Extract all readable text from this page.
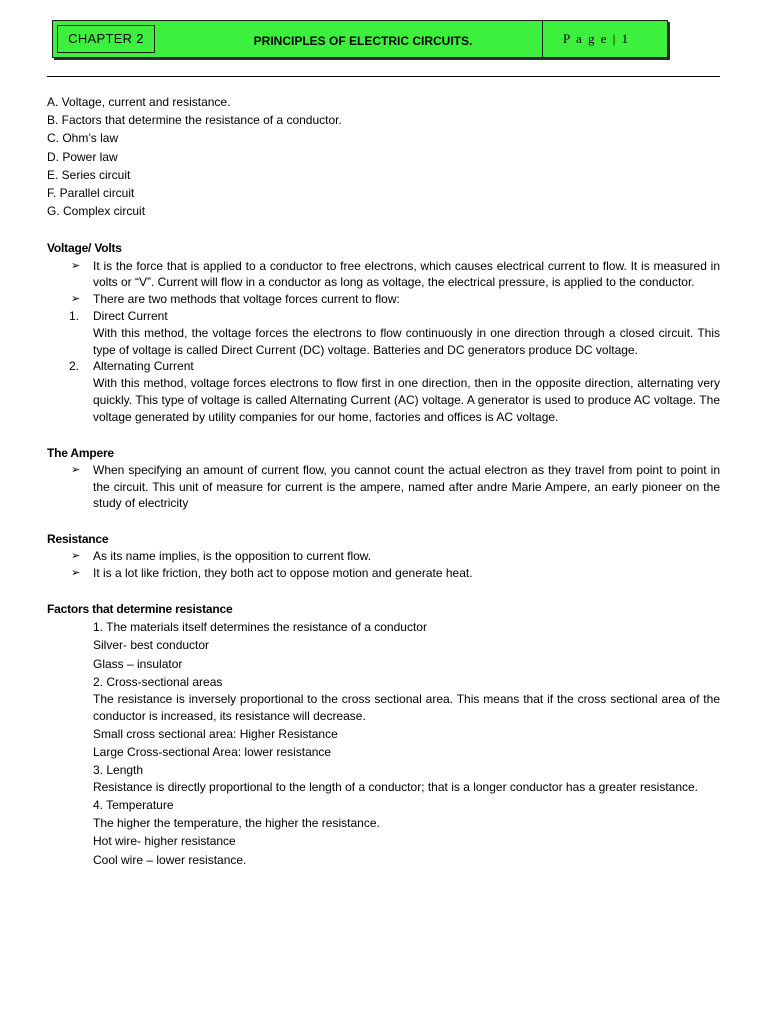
CHAPTER 2	PRINCIPLES OF ELECTRIC CIRCUITS.	P a g e | 1

A. Voltage, current and resistance.

B. Factors that determine the resistance of a conductor.

C. Ohm’s law

D. Power law

E. Series circuit

F. Parallel circuit

G. Complex circuit

Voltage/ Volts

➢ It is the force that is applied to a conductor to free electrons, which causes electrical current to flow. It is measured in volts or “V”. Current will flow in a conductor as long as voltage, the electrical pressure, is applied to the conductor.

➢ There are two methods that voltage forces current to flow:

1. Direct Current

With this method, the voltage forces the electrons to flow continuously in one direction through a closed circuit. This type of voltage is called Direct Current (DC) voltage. Batteries and DC generators produce DC voltage.

2. Alternating Current

With this method, voltage forces electrons to flow first in one direction, then in the opposite direction, alternating very quickly. This type of voltage is called Alternating Current (AC) voltage. A generator is used to produce AC voltage. The voltage generated by utility companies for our home, factories and offices is AC voltage.

The Ampere

➢ When specifying an amount of current flow, you cannot count the actual electron as they travel from point to point in the circuit. This unit of measure for current is the ampere, named after andre Marie Ampere, an early pioneer on the study of electricity

Resistance

➢ As its name implies, is the opposition to current flow.

➢ It is a lot like friction, they both act to oppose motion and generate heat.

Factors that determine resistance

1. The materials itself determines the resistance of a conductor

Silver- best conductor

Glass – insulator

2. Cross-sectional areas

The resistance is inversely proportional to the cross sectional area. This means that if the cross sectional area of the conductor is increased, its resistance will decrease.

Small cross sectional area: Higher Resistance

Large Cross-sectional Area: lower resistance

3. Length

Resistance is directly proportional to the length of a conductor; that is a longer conductor has a greater resistance.

4. Temperature

The higher the temperature, the higher the resistance.

Hot wire- higher resistance

Cool wire – lower resistance.
